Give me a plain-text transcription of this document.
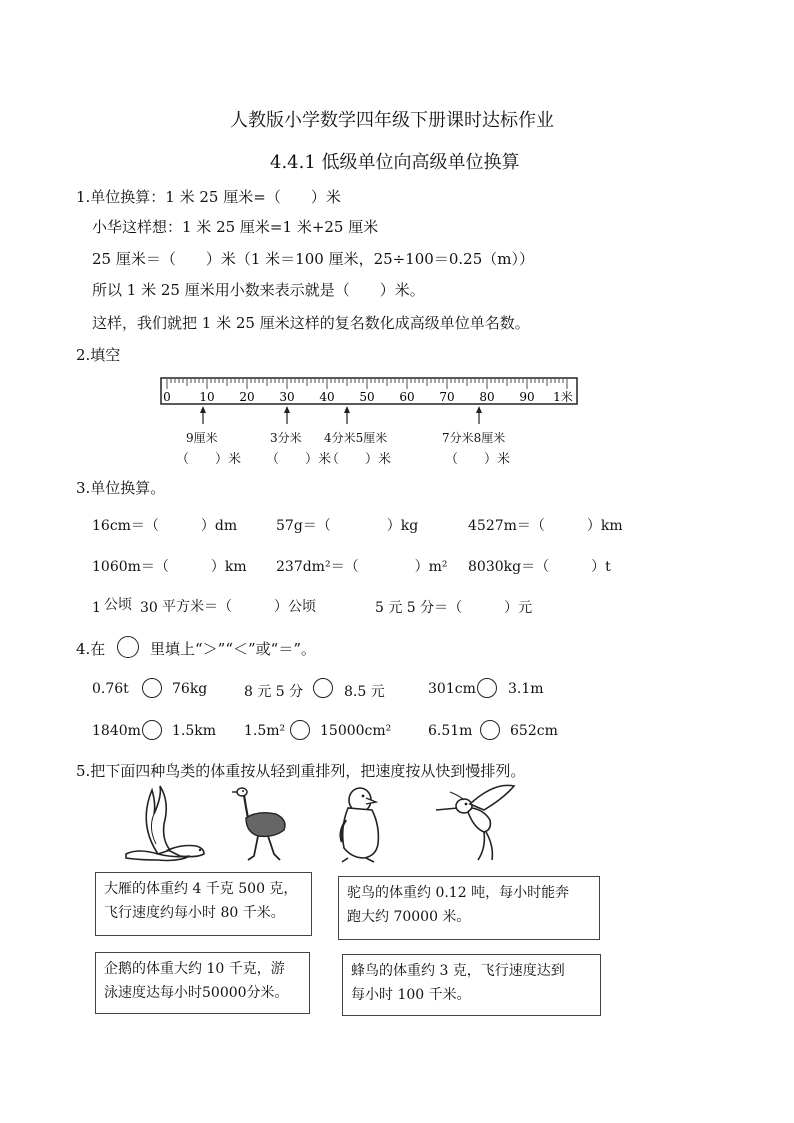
人教版小学数学四年级下册课时达标作业
4.4.1 低级单位向高级单位换算
1.单位换算：1 米 25 厘米=（　　）米
小华这样想：1 米 25 厘米=1 米+25 厘米
25 厘米＝（　　）米（1 米＝100 厘米，25÷100＝0.25（m））
所以 1 米 25 厘米用小数来表示就是（　　）米。
这样，我们就把 1 米 25 厘米这样的复名数化成高级单位单名数。
2.填空
0 10 20 30 40 50 60 70 80 90 1米
9厘米	3分米 4分米5厘米	7分米8厘米
（　　）米 （　　）米
（　　）米	（　　）米
3.单位换算。
16cm＝（　　　）dm	57g＝（　　　　）kg	4527m＝（　　　）km
1060m＝（　　　）km 237dm²＝（　　　　）m² 8030kg＝（　　　）t
1 公顷 30 平方米＝（　　　）公顷	5 元 5 分＝（　　　）元
4.在	里填上“＞”“＜”或“＝”。
0.76t	76kg	8 元 5 分	8.5 元	301cm 3.1m
1840m 1.5km 1.5m² 15000cm²	6.51m	652cm
5.把下面四种鸟类的体重按从轻到重排列，把速度按从快到慢排列。
大雁的体重约 4 千克 500 克，
飞行速度约每小时 80 千米。
驼鸟的体重约 0.12 吨，每小时能奔
跑大约 70000 米。
企鹅的体重大约 10 千克，游
泳速度达每小时50000分米。
蜂鸟的体重约 3 克，飞行速度达到
每小时 100 千米。
